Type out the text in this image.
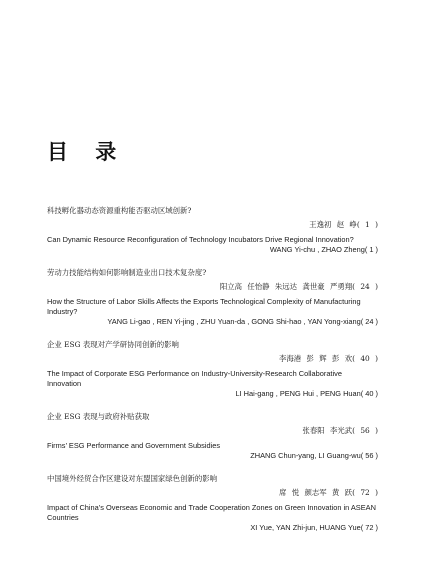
目 录

科技孵化器动态资源重构能否驱动区域创新?

王逸初 赵 峥( 1 )

Can Dynamic Resource Reconfiguration of Technology Incubators Drive Regional Innovation?

WANG Yi-chu , ZHAO Zheng( 1 )

劳动力技能结构如何影响制造业出口技术复杂度?

阳立高 任怡静 朱远达 龚世豪 严勇翔( 24 )

How the Structure of Labor Skills Affects the Exports Technological Complexity of Manufacturing Industry?

YANG Li-gao , REN Yi-jing , ZHU Yuan-da , GONG Shi-hao , YAN Yong-xiang( 24 )

企业 ESG 表现对产学研协同创新的影响

李海港 彭 辉 彭 欢( 40 )

The Impact of Corporate ESG Performance on Industry-University-Research Collaborative Innovation

LI Hai-gang , PENG Hui , PENG Huan( 40 )

企业 ESG 表现与政府补贴获取

张春阳 李光武( 56 )

Firms’ ESG Performance and Government Subsidies

ZHANG Chun-yang, LI Guang-wu( 56 )

中国境外经贸合作区建设对东盟国家绿色创新的影响

席 悦 颜志军 黄 跃( 72 )

Impact of China’s Overseas Economic and Trade Cooperation Zones on Green Innovation in ASEAN Countries

XI Yue, YAN Zhi-jun, HUANG Yue( 72 )
